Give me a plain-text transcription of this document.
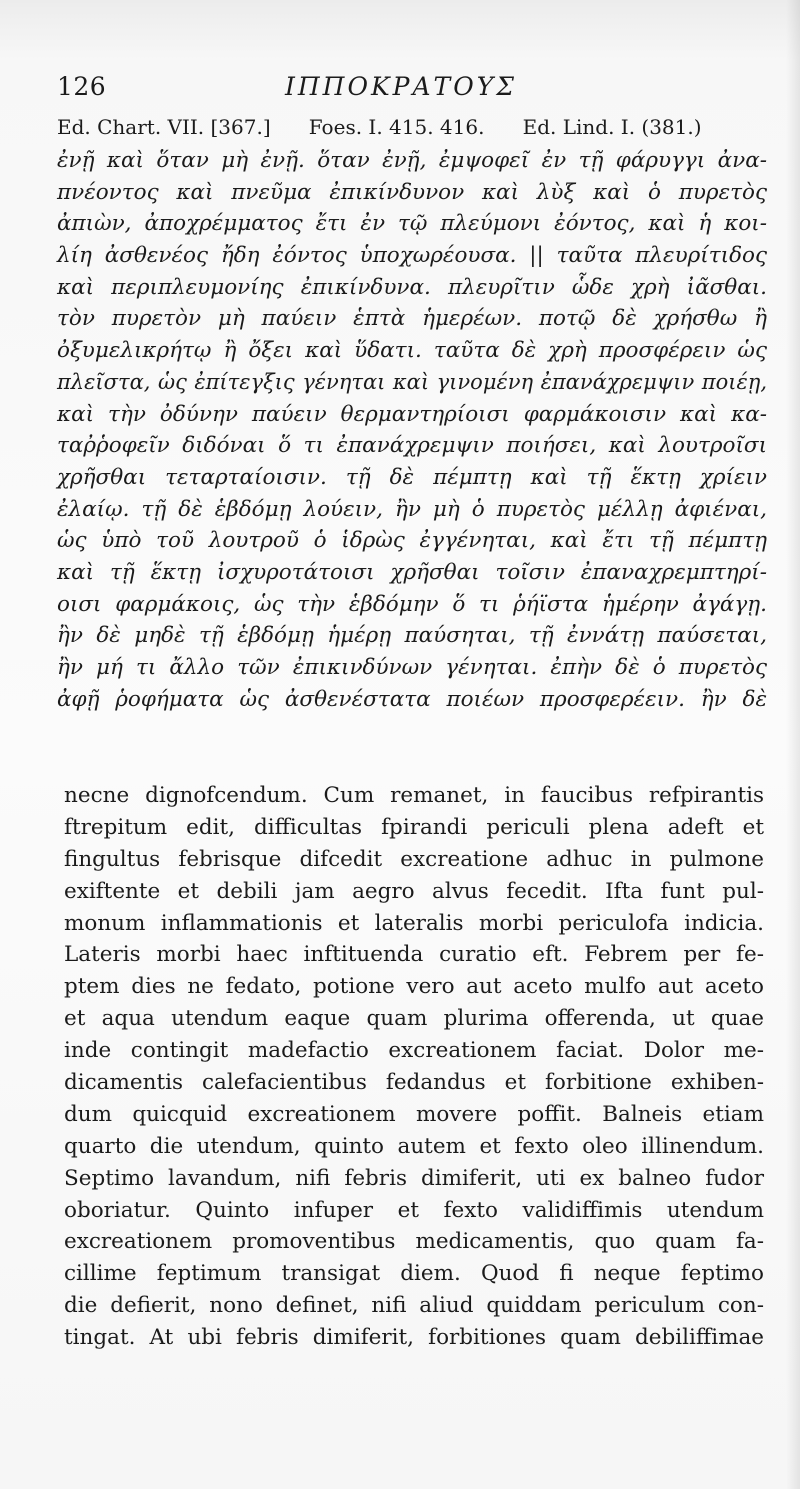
126	ΙΠΠΟΚΡΑΤΟΥΣ
Ed. Chart. VII. [367.]      Foes. I. 415. 416.      Ed. Lind. I. (381.)
ἐνῇ καὶ ὅταν μὴ ἐνῇ. ὅταν ἐνῇ, ἐμψοφεῖ ἐν τῇ φάρυγγι ἀνα-
πνέοντος καὶ πνεῦμα ἐπικίνδυνον καὶ λὺξ καὶ ὁ πυρετὸς
ἀπιὼν, ἀποχρέμματος ἔτι ἐν τῷ πλεύμονι ἐόντος, καὶ ἡ κοι-
λίη ἀσθενέος ἤδη ἐόντος ὑποχωρέουσα. || ταῦτα πλευρίτιδος
καὶ περιπλευμονίης ἐπικίνδυνα. πλευρῖτιν ὧδε χρὴ ἰᾶσθαι.
τὸν πυρετὸν μὴ παύειν ἑπτὰ ἡμερέων. ποτῷ δὲ χρήσθω ἢ
ὀξυμελικρήτῳ ἢ ὄξει καὶ ὕδατι. ταῦτα δὲ χρὴ προσφέρειν ὡς
πλεῖστα, ὡς ἐπίτεγξις γένηται καὶ γινομένη ἐπανάχρεμψιν ποιέῃ,
καὶ τὴν ὀδύνην παύειν θερμαντηρίοισι φαρμάκοισιν καὶ κα-
ταῤῥοφεῖν διδόναι ὅ τι ἐπανάχρεμψιν ποιήσει, καὶ λουτροῖσι
χρῆσθαι τεταρταίοισιν. τῇ δὲ πέμπτῃ καὶ τῇ ἕκτῃ χρίειν
ἐλαίῳ. τῇ δὲ ἑβδόμῃ λούειν, ἢν μὴ ὁ πυρετὸς μέλλῃ ἀφιέναι,
ὡς ὑπὸ τοῦ λουτροῦ ὁ ἱδρὼς ἐγγένηται, καὶ ἔτι τῇ πέμπτῃ
καὶ τῇ ἕκτῃ ἰσχυροτάτοισι χρῆσθαι τοῖσιν ἐπαναχρεμπτηρί-
οισι φαρμάκοις, ὡς τὴν ἑβδόμην ὅ τι ῥήϊστα ἡμέρην ἀγάγῃ.
ἢν δὲ μηδὲ τῇ ἑβδόμῃ ἡμέρῃ παύσηται, τῇ ἐννάτῃ παύσεται,
ἢν μή τι ἄλλο τῶν ἐπικινδύνων γένηται. ἐπὴν δὲ ὁ πυρετὸς
ἀφῇ ῥοφήματα ὡς ἀσθενέστατα ποιέων προσφερέειν. ἢν δὲ
necne dignofcendum. Cum remanet, in faucibus refpirantis
ftrepitum edit, difficultas fpirandi periculi plena adeft et
fingultus febrisque difcedit excreatione adhuc in pulmone
exiftente et debili jam aegro alvus fecedit. Ifta funt pul-
monum inflammationis et lateralis morbi periculofa indicia.
Lateris morbi haec inftituenda curatio eft. Febrem per fe-
ptem dies ne fedato, potione vero aut aceto mulfo aut aceto
et aqua utendum eaque quam plurima offerenda, ut quae
inde contingit madefactio excreationem faciat. Dolor me-
dicamentis calefacientibus fedandus et forbitione exhiben-
dum quicquid excreationem movere poffit. Balneis etiam
quarto die utendum, quinto autem et fexto oleo illinendum.
Septimo lavandum, nifi febris dimiferit, uti ex balneo fudor
oboriatur. Quinto infuper et fexto validiffimis utendum
excreationem promoventibus medicamentis, quo quam fa-
cillime feptimum transigat diem. Quod fi neque feptimo
die defierit, nono definet, nifi aliud quiddam periculum con-
tingat. At ubi febris dimiferit, forbitiones quam debiliffimae
